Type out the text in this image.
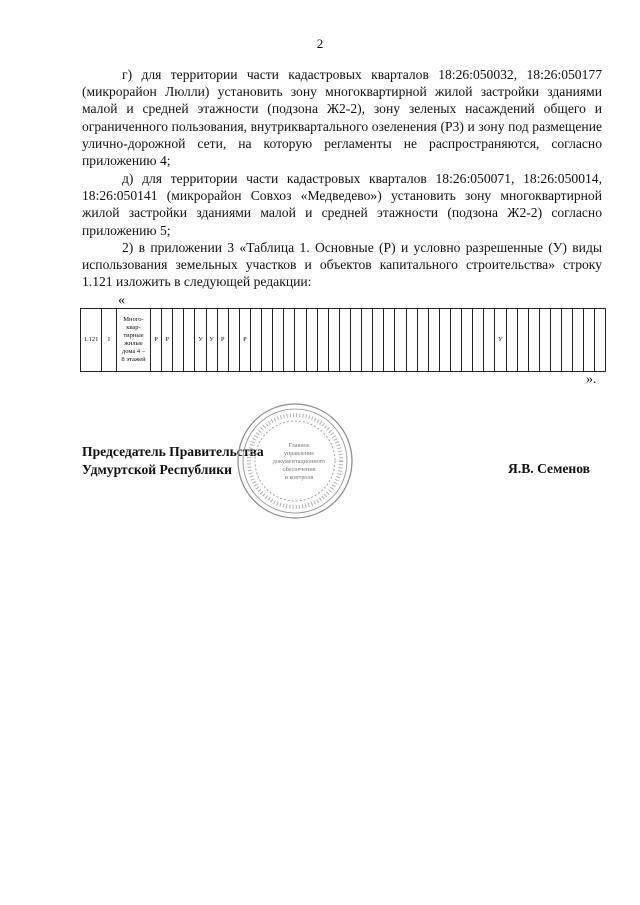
2

г) для территории части кадастровых кварталов 18:26:050032, 18:26:050177 (микрорайон Люлли) установить зону многоквартирной жилой застройки зданиями малой и средней этажности (подзона Ж2-2), зону зеленых насаждений общего и ограниченного пользования, внутриквартального озеленения (Р3) и зону под размещение улично-дорожной сети, на которую регламенты не распространяются, согласно приложению 4;

д) для территории части кадастровых кварталов 18:26:050071, 18:26:050014, 18:26:050141 (микрорайон Совхоз «Медведево») установить зону многоквартирной жилой застройки зданиями малой и средней этажности (подзона Ж2-2) согласно приложению 5;

2) в приложении 3 «Таблица 1. Основные (Р) и условно разрешенные (У) виды использования земельных участков и объектов капитального строительства» строку 1.121 изложить в следующей редакции:

«
1.121	I	Много-
квар-
тирные
жилые
дома 4 –
8 этажей	Р	Р			У	У	Р		Р																							У									
».
Председатель Правительства
Удмуртской Республики	Я.В. Семенов
Главное
управление
документационного
обеспечения
и контроля
